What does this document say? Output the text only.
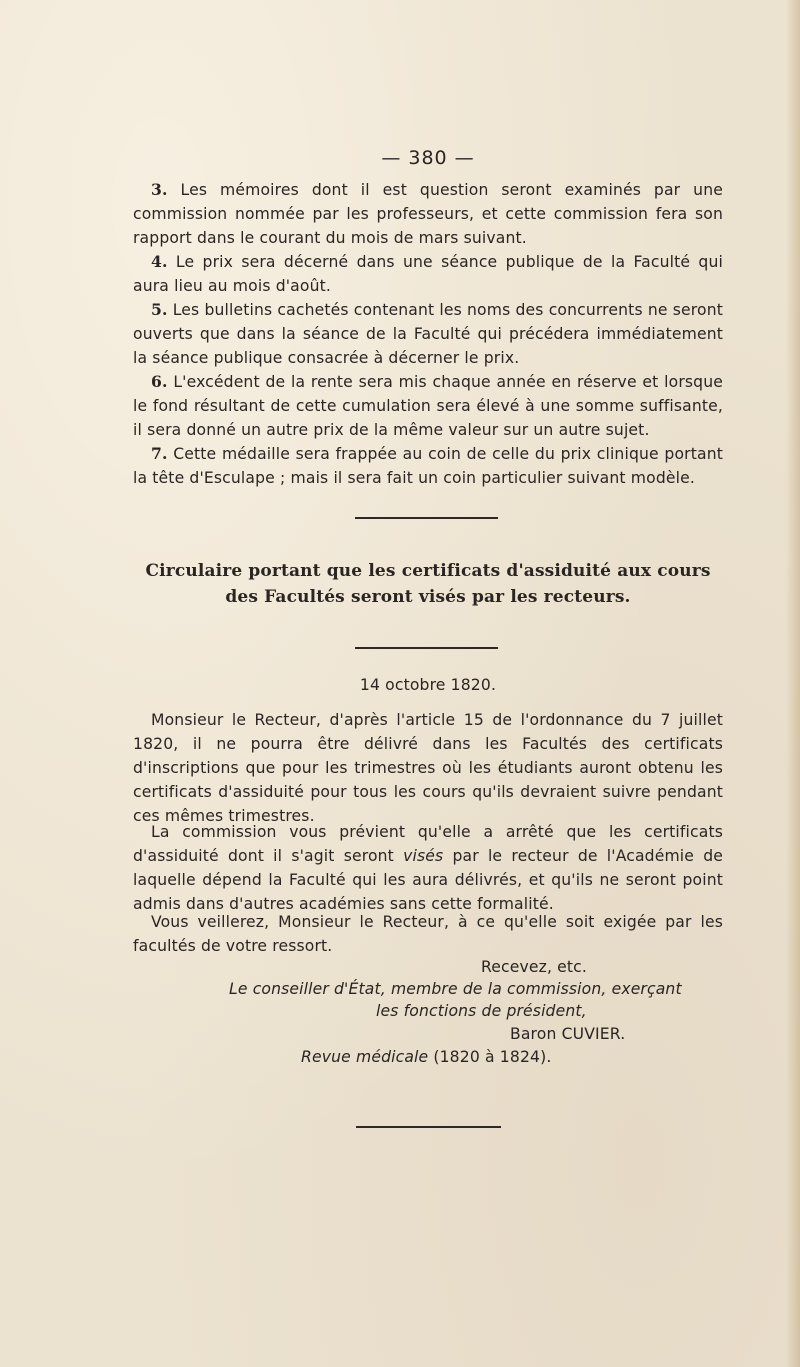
— 380 —
3. Les mémoires dont il est question seront examinés par une commission nommée par les professeurs, et cette commission fera son rapport dans le courant du mois de mars suivant.
4. Le prix sera décerné dans une séance publique de la Faculté qui aura lieu au mois d'août.
5. Les bulletins cachetés contenant les noms des concurrents ne seront ouverts que dans la séance de la Faculté qui précédera immédiatement la séance publique consacrée à décerner le prix.
6. L'excédent de la rente sera mis chaque année en réserve et lorsque le fond résultant de cette cumulation sera élevé à une somme suffisante, il sera donné un autre prix de la même valeur sur un autre sujet.
7. Cette médaille sera frappée au coin de celle du prix clinique portant la tête d'Esculape ; mais il sera fait un coin particulier suivant modèle.
Circulaire portant que les certificats d'assiduité aux cours
des Facultés seront visés par les recteurs.
14 octobre 1820.
Monsieur le Recteur, d'après l'article 15 de l'ordonnance du 7 juillet 1820, il ne pourra être délivré dans les Facultés des certificats d'inscriptions que pour les trimestres où les étudiants auront obtenu les certificats d'assiduité pour tous les cours qu'ils devraient suivre pendant ces mêmes trimestres.
La commission vous prévient qu'elle a arrêté que les certificats d'assiduité dont il s'agit seront visés par le recteur de l'Académie de laquelle dépend la Faculté qui les aura délivrés, et qu'ils ne seront point admis dans d'autres académies sans cette formalité.
Vous veillerez, Monsieur le Recteur, à ce qu'elle soit exigée par les facultés de votre ressort.
Recevez, etc.
Le conseiller d'État, membre de la commission, exerçant
les fonctions de président,
Baron CUVIER.
Revue médicale (1820 à 1824).
